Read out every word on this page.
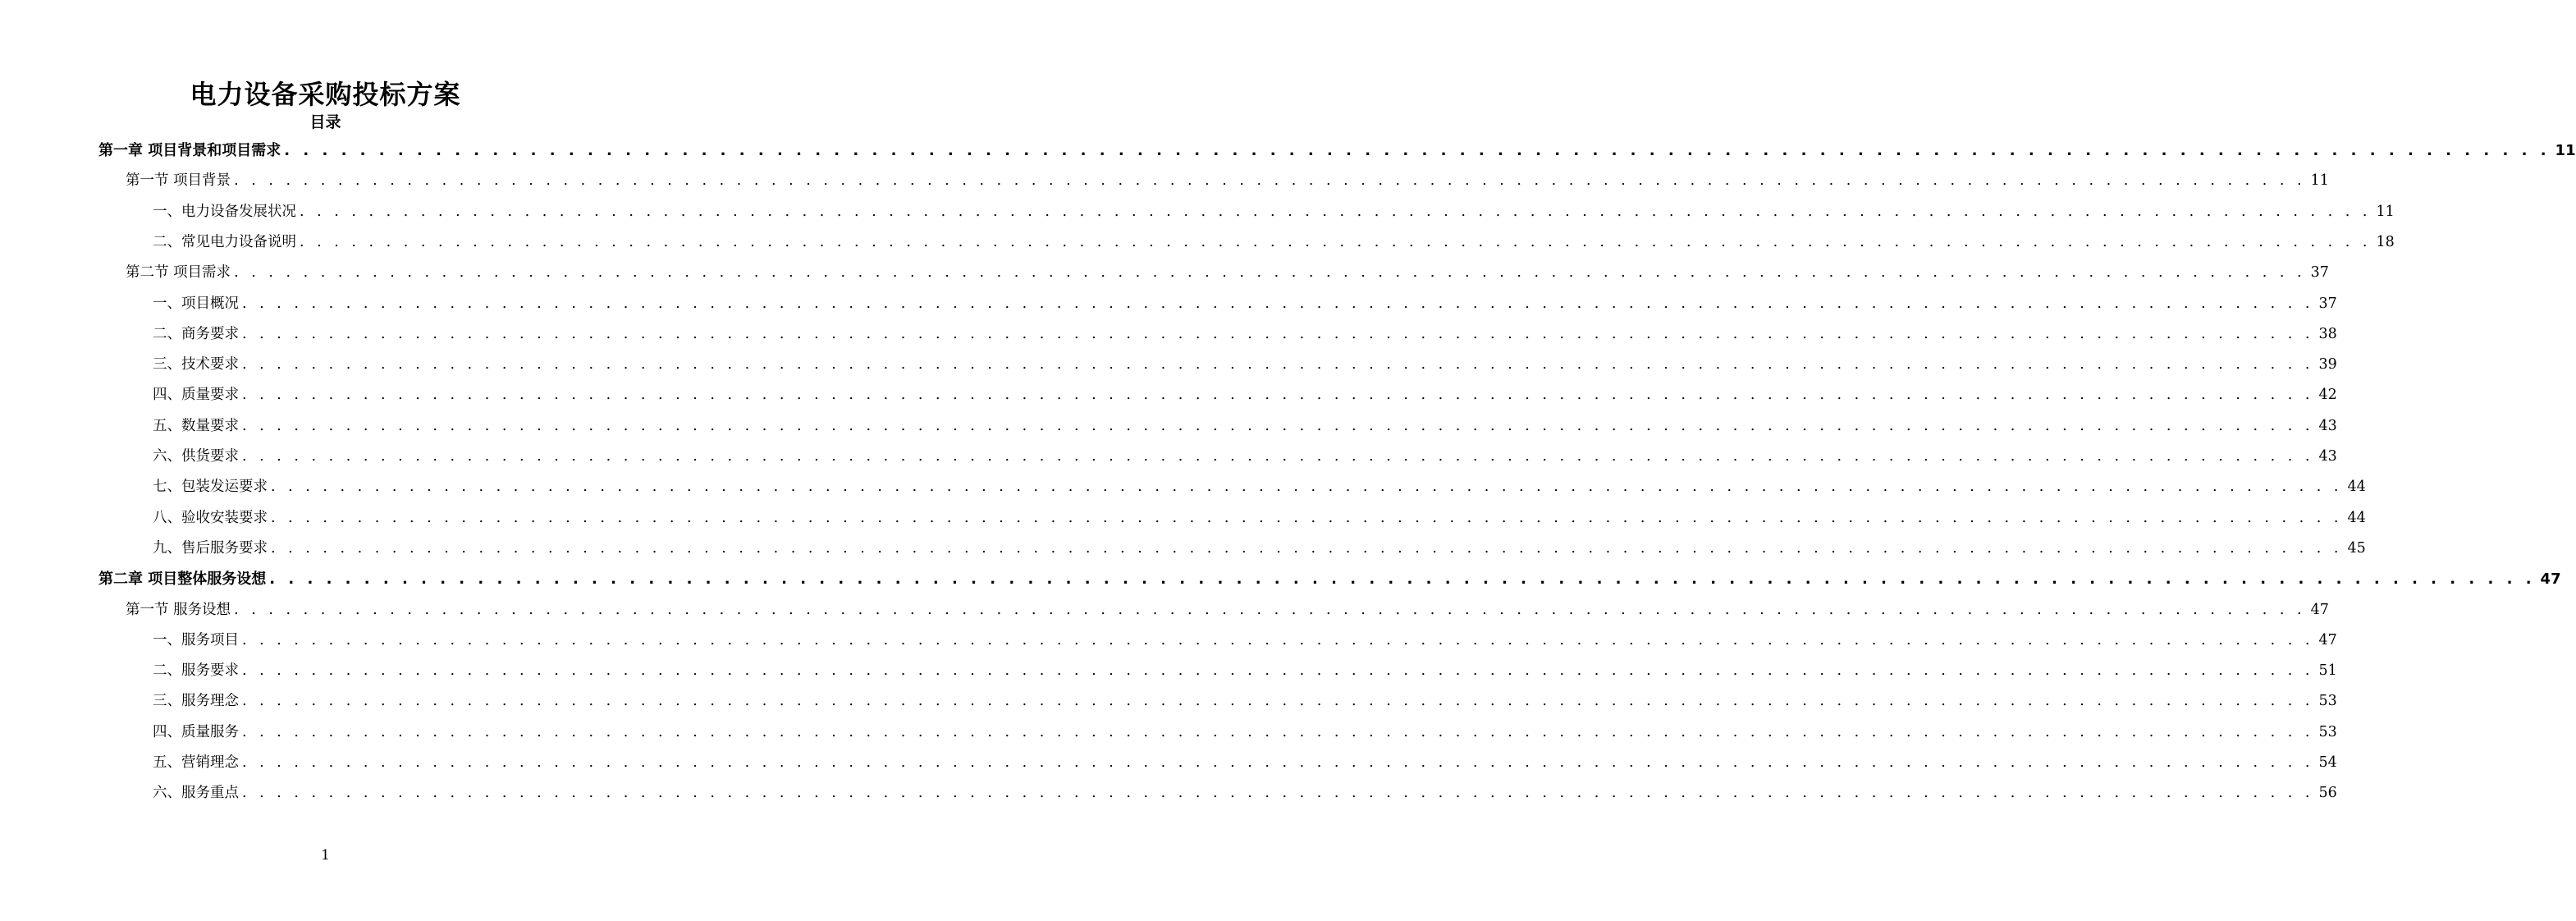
电力设备采购投标方案
目录
第一章 项目背景和项目需求 . . . . . . . . . . . . . . . . . . . . . . . . . . . . . . . . . . . . . . . . . . . . . . . . . . . . . . . . . . . . . . . . . . . . . . . . . . . . . . . . . . . . . . . . . . . . . . . . . . . . . . . . . . . . . . . . . . . . . . . . 11
第一节 项目背景 . . . . . . . . . . . . . . . . . . . . . . . . . . . . . . . . . . . . . . . . . . . . . . . . . . . . . . . . . . . . . . . . . . . . . . . . . . . . . . . . . . . . . . . . . . . . . . . . . . . . . . . . . . . . . . . . . . . . . . . . 11
一、电力设备发展状况 . . . . . . . . . . . . . . . . . . . . . . . . . . . . . . . . . . . . . . . . . . . . . . . . . . . . . . . . . . . . . . . . . . . . . . . . . . . . . . . . . . . . . . . . . . . . . . . . . . . . . . . . . . . . . . . . . . . . . . . . 11
二、常见电力设备说明 . . . . . . . . . . . . . . . . . . . . . . . . . . . . . . . . . . . . . . . . . . . . . . . . . . . . . . . . . . . . . . . . . . . . . . . . . . . . . . . . . . . . . . . . . . . . . . . . . . . . . . . . . . . . . . . . . . . . . . . . 18
第二节 项目需求 . . . . . . . . . . . . . . . . . . . . . . . . . . . . . . . . . . . . . . . . . . . . . . . . . . . . . . . . . . . . . . . . . . . . . . . . . . . . . . . . . . . . . . . . . . . . . . . . . . . . . . . . . . . . . . . . . . . . . . . . 37
一、项目概况 . . . . . . . . . . . . . . . . . . . . . . . . . . . . . . . . . . . . . . . . . . . . . . . . . . . . . . . . . . . . . . . . . . . . . . . . . . . . . . . . . . . . . . . . . . . . . . . . . . . . . . . . . . . . . . . . . . . . . . . . 37
二、商务要求 . . . . . . . . . . . . . . . . . . . . . . . . . . . . . . . . . . . . . . . . . . . . . . . . . . . . . . . . . . . . . . . . . . . . . . . . . . . . . . . . . . . . . . . . . . . . . . . . . . . . . . . . . . . . . . . . . . . . . . . . 38
三、技术要求 . . . . . . . . . . . . . . . . . . . . . . . . . . . . . . . . . . . . . . . . . . . . . . . . . . . . . . . . . . . . . . . . . . . . . . . . . . . . . . . . . . . . . . . . . . . . . . . . . . . . . . . . . . . . . . . . . . . . . . . . 39
四、质量要求 . . . . . . . . . . . . . . . . . . . . . . . . . . . . . . . . . . . . . . . . . . . . . . . . . . . . . . . . . . . . . . . . . . . . . . . . . . . . . . . . . . . . . . . . . . . . . . . . . . . . . . . . . . . . . . . . . . . . . . . . 42
五、数量要求 . . . . . . . . . . . . . . . . . . . . . . . . . . . . . . . . . . . . . . . . . . . . . . . . . . . . . . . . . . . . . . . . . . . . . . . . . . . . . . . . . . . . . . . . . . . . . . . . . . . . . . . . . . . . . . . . . . . . . . . . 43
六、供货要求 . . . . . . . . . . . . . . . . . . . . . . . . . . . . . . . . . . . . . . . . . . . . . . . . . . . . . . . . . . . . . . . . . . . . . . . . . . . . . . . . . . . . . . . . . . . . . . . . . . . . . . . . . . . . . . . . . . . . . . . . 43
七、包装发运要求 . . . . . . . . . . . . . . . . . . . . . . . . . . . . . . . . . . . . . . . . . . . . . . . . . . . . . . . . . . . . . . . . . . . . . . . . . . . . . . . . . . . . . . . . . . . . . . . . . . . . . . . . . . . . . . . . . . . . . . . . 44
八、验收安装要求 . . . . . . . . . . . . . . . . . . . . . . . . . . . . . . . . . . . . . . . . . . . . . . . . . . . . . . . . . . . . . . . . . . . . . . . . . . . . . . . . . . . . . . . . . . . . . . . . . . . . . . . . . . . . . . . . . . . . . . . . 44
九、售后服务要求 . . . . . . . . . . . . . . . . . . . . . . . . . . . . . . . . . . . . . . . . . . . . . . . . . . . . . . . . . . . . . . . . . . . . . . . . . . . . . . . . . . . . . . . . . . . . . . . . . . . . . . . . . . . . . . . . . . . . . . . . 45
第二章 项目整体服务设想 . . . . . . . . . . . . . . . . . . . . . . . . . . . . . . . . . . . . . . . . . . . . . . . . . . . . . . . . . . . . . . . . . . . . . . . . . . . . . . . . . . . . . . . . . . . . . . . . . . . . . . . . . . . . . . . . . . . . . . . . 47
第一节 服务设想 . . . . . . . . . . . . . . . . . . . . . . . . . . . . . . . . . . . . . . . . . . . . . . . . . . . . . . . . . . . . . . . . . . . . . . . . . . . . . . . . . . . . . . . . . . . . . . . . . . . . . . . . . . . . . . . . . . . . . . . . 47
一、服务项目 . . . . . . . . . . . . . . . . . . . . . . . . . . . . . . . . . . . . . . . . . . . . . . . . . . . . . . . . . . . . . . . . . . . . . . . . . . . . . . . . . . . . . . . . . . . . . . . . . . . . . . . . . . . . . . . . . . . . . . . . 47
二、服务要求 . . . . . . . . . . . . . . . . . . . . . . . . . . . . . . . . . . . . . . . . . . . . . . . . . . . . . . . . . . . . . . . . . . . . . . . . . . . . . . . . . . . . . . . . . . . . . . . . . . . . . . . . . . . . . . . . . . . . . . . . 51
三、服务理念 . . . . . . . . . . . . . . . . . . . . . . . . . . . . . . . . . . . . . . . . . . . . . . . . . . . . . . . . . . . . . . . . . . . . . . . . . . . . . . . . . . . . . . . . . . . . . . . . . . . . . . . . . . . . . . . . . . . . . . . . 53
四、质量服务 . . . . . . . . . . . . . . . . . . . . . . . . . . . . . . . . . . . . . . . . . . . . . . . . . . . . . . . . . . . . . . . . . . . . . . . . . . . . . . . . . . . . . . . . . . . . . . . . . . . . . . . . . . . . . . . . . . . . . . . . 53
五、营销理念 . . . . . . . . . . . . . . . . . . . . . . . . . . . . . . . . . . . . . . . . . . . . . . . . . . . . . . . . . . . . . . . . . . . . . . . . . . . . . . . . . . . . . . . . . . . . . . . . . . . . . . . . . . . . . . . . . . . . . . . . 54
六、服务重点 . . . . . . . . . . . . . . . . . . . . . . . . . . . . . . . . . . . . . . . . . . . . . . . . . . . . . . . . . . . . . . . . . . . . . . . . . . . . . . . . . . . . . . . . . . . . . . . . . . . . . . . . . . . . . . . . . . . . . . . . 56
1
